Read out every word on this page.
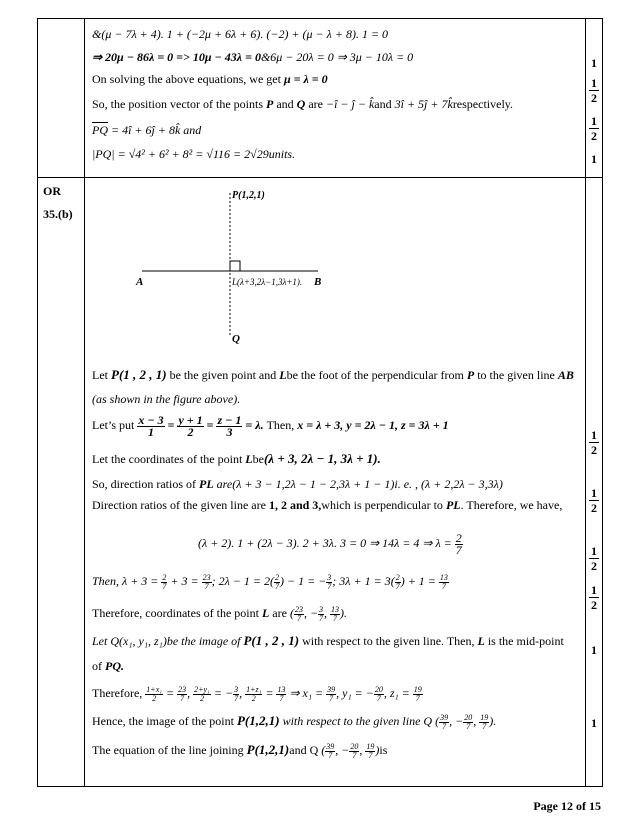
&(μ − 7λ + 4). 1 + (−2μ + 6λ + 6). (−2) + (μ − λ + 8). 1 = 0
⇒ 20μ − 86λ = 0 => 10μ − 43λ = 0&6μ − 20λ = 0 ⇒ 3μ − 10λ = 0
On solving the above equations, we get μ = λ = 0
So, the position vector of the points P and Q are −î − ĵ − k̂and 3î + 5ĵ + 7k̂respectively.
$\overline{PQ}$ = 4î + 6ĵ + 8k̂ and
|PQ| = √4² + 6² + 8² = √116 = 2√29units.
1
1
2
1
2
1
OR
35.(b)
P(1,2,1)
A	B
L(λ+3,2λ−1,3λ+1).
Q
Let P(1 , 2 , 1) be the given point and Lbe the foot of the perpendicular from P to the given line AB
(as shown in the figure above).
Let’s put $\frac{x - 3}{1} = \frac{y + 1}{2} = \frac{z - 1}{3} = \lambda$. Then, x = λ + 3, y = 2λ − 1, z = 3λ + 1
Let the coordinates of the point Lbe(λ + 3, 2λ − 1, 3λ + 1).
So, direction ratios of PL are(λ + 3 − 1,2λ − 1 − 2,3λ + 1 − 1)i. e. , (λ + 2,2λ − 3,3λ)
Direction ratios of the given line are 1, 2 and 3,which is perpendicular to PL. Therefore, we have,
(λ + 2). 1 + (2λ − 3). 2 + 3λ. 3 = 0 ⇒ 14λ = 4 ⇒ $\lambda = \frac{2}{7}$
Then, $\lambda + 3 = \frac{2}{7} + 3 = \frac{23}{7}$ ; $2\lambda - 1 = 2( \frac{2}{7}$ ) − 1 = − $\frac{3}{7}$ ; $3\lambda + 1 = 3( \frac{2}{7}$ ) + $1 = \frac{13}{7}$
Therefore, coordinates of the point L are ( $\frac{23}{7}$ , − $\frac{3}{7}$ , $\frac{13}{7}$ ).
Let Q(x₁, y₁, z₁)be the image of P(1 , 2 , 1) with respect to the given line. Then, L is the mid-point
of PQ.
Therefore, $\frac{\text{1+x₁}}{2} = \frac{23}{7}$ , $\frac{\text{2+y₁}}{2}$ = − $\frac{3}{7}$ , $\frac{\text{1+z₁}}{2} = \frac{13}{7}$ ⇒ $x_1 = \frac{39}{7}$ , y₁ = − $\frac{20}{7}$ , $z_1 = \frac{19}{7}$
Hence, the image of the point P(1,2,1) with respect to the given line Q ( $\frac{39}{7}$ , − $\frac{20}{7}$ , $\frac{19}{7}$ ).
The equation of the line joining P(1,2,1)and Q ( $\frac{39}{7}$ , − $\frac{20}{7}$ , $\frac{19}{7} )is$
1
2
1
2
1
2
1
2
1
1
Page 12 of 15
